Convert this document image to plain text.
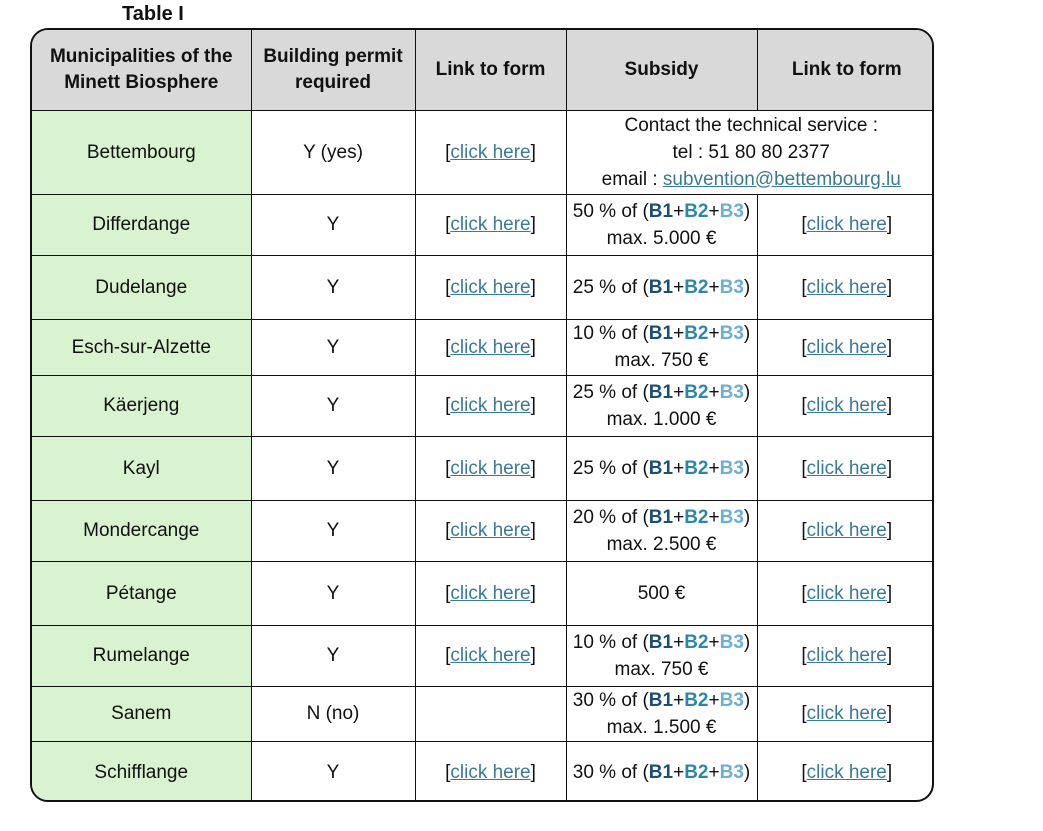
Table I
Municipalities of the Minett Biosphere	Building permit required	Link to form	Subsidy	Link to form
Bettembourg	Y (yes)	[click here]	Contact the technical service :
tel : 51 80 80 2377
email : subvention@bettembourg.lu	

Differdange	Y	[click here]	50 % of (B1+B2+B3)
max. 5.000 €	[click here]
Dudelange	Y	[click here]	25 % of (B1+B2+B3)	[click here]
Esch-sur-Alzette	Y	[click here]	10 % of (B1+B2+B3)
max. 750 €	[click here]
Käerjeng	Y	[click here]	25 % of (B1+B2+B3)
max. 1.000 €	[click here]
Kayl	Y	[click here]	25 % of (B1+B2+B3)	[click here]
Mondercange	Y	[click here]	20 % of (B1+B2+B3)
max. 2.500 €	[click here]
Pétange	Y	[click here]	500 €	[click here]
Rumelange	Y	[click here]	10 % of (B1+B2+B3)
max. 750 €	[click here]
Sanem	N (no)		30 % of (B1+B2+B3)
max. 1.500 €	[click here]
Schifflange	Y	[click here]	30 % of (B1+B2+B3)	[click here]
